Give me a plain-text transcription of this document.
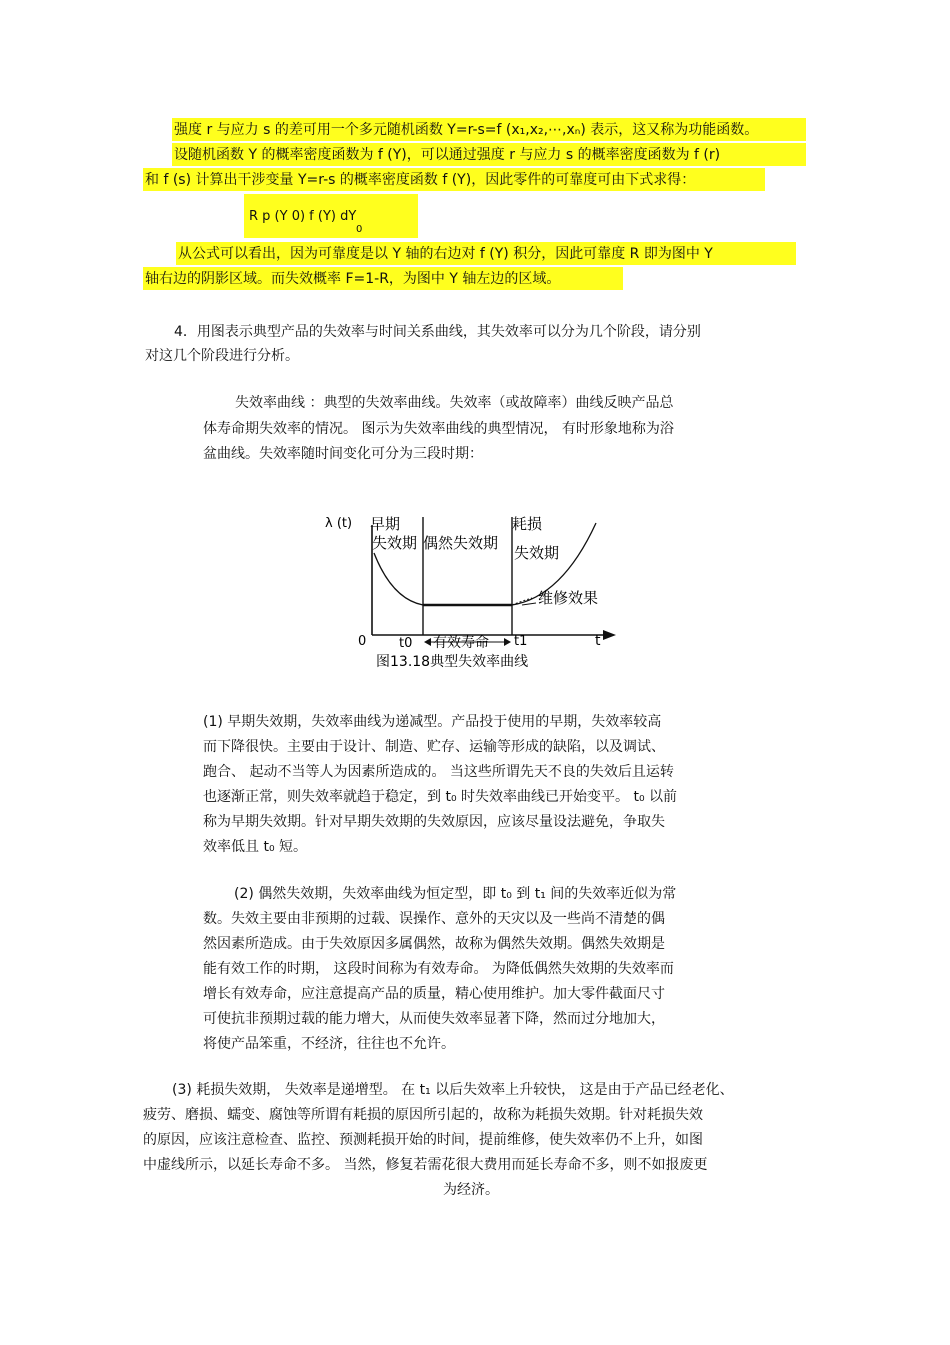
强度 r 与应力 s 的差可用一个多元随机函数 Y=r-s=f (x₁,x₂,⋯,xₙ) 表示，这又称为功能函数。
设随机函数 Y 的概率密度函数为 f (Y)，可以通过强度 r 与应力 s 的概率密度函数为 f (r)
和 f (s) 计算出干涉变量 Y=r-s 的概率密度函数 f (Y)，因此零件的可靠度可由下式求得：
R p (Y 0) f (Y) dY
0
从公式可以看出，因为可靠度是以 Y 轴的右边对 f (Y) 积分，因此可靠度 R 即为图中 Y
轴右边的阴影区域。而失效概率 F=1-R，为图中 Y 轴左边的区域。
4．用图表示典型产品的失效率与时间关系曲线，其失效率可以分为几个阶段，请分别
对这几个阶段进行分析。
失效率曲线 ：典型的失效率曲线。失效率（或故障率）曲线反映产品总
体寿命期失效率的情况。 图示为失效率曲线的典型情况， 有时形象地称为浴
盆曲线。失效率随时间变化可分为三段时期：
λ (t) 早期
失效期 偶然失效期
耗损
失效期
维修效果
0	t0 有效寿命 t1	t
图13.18典型失效率曲线
(1) 早期失效期，失效率曲线为递减型。产品投于使用的早期，失效率较高
而下降很快。主要由于设计、制造、贮存、运输等形成的缺陷，以及调试、
跑合、 起动不当等人为因素所造成的。 当这些所谓先天不良的失效后且运转
也逐渐正常，则失效率就趋于稳定，到 t₀ 时失效率曲线已开始变平。 t₀ 以前
称为早期失效期。针对早期失效期的失效原因，应该尽量设法避免，争取失
效率低且 t₀ 短。
(2) 偶然失效期，失效率曲线为恒定型，即 t₀ 到 t₁ 间的失效率近似为常
数。失效主要由非预期的过载、误操作、意外的天灾以及一些尚不清楚的偶
然因素所造成。由于失效原因多属偶然，故称为偶然失效期。偶然失效期是
能有效工作的时期， 这段时间称为有效寿命。 为降低偶然失效期的失效率而
增长有效寿命，应注意提高产品的质量，精心使用维护。加大零件截面尺寸
可使抗非预期过载的能力增大，从而使失效率显著下降，然而过分地加大，
将使产品笨重，不经济，往往也不允许。
(3) 耗损失效期， 失效率是递增型。 在 t₁ 以后失效率上升较快， 这是由于产品已经老化、
疲劳、磨损、蠕变、腐蚀等所谓有耗损的原因所引起的，故称为耗损失效期。针对耗损失效
的原因，应该注意检查、监控、预测耗损开始的时间，提前维修，使失效率仍不上升，如图
中虚线所示，以延长寿命不多。 当然，修复若需花很大费用而延长寿命不多，则不如报废更
为经济。
